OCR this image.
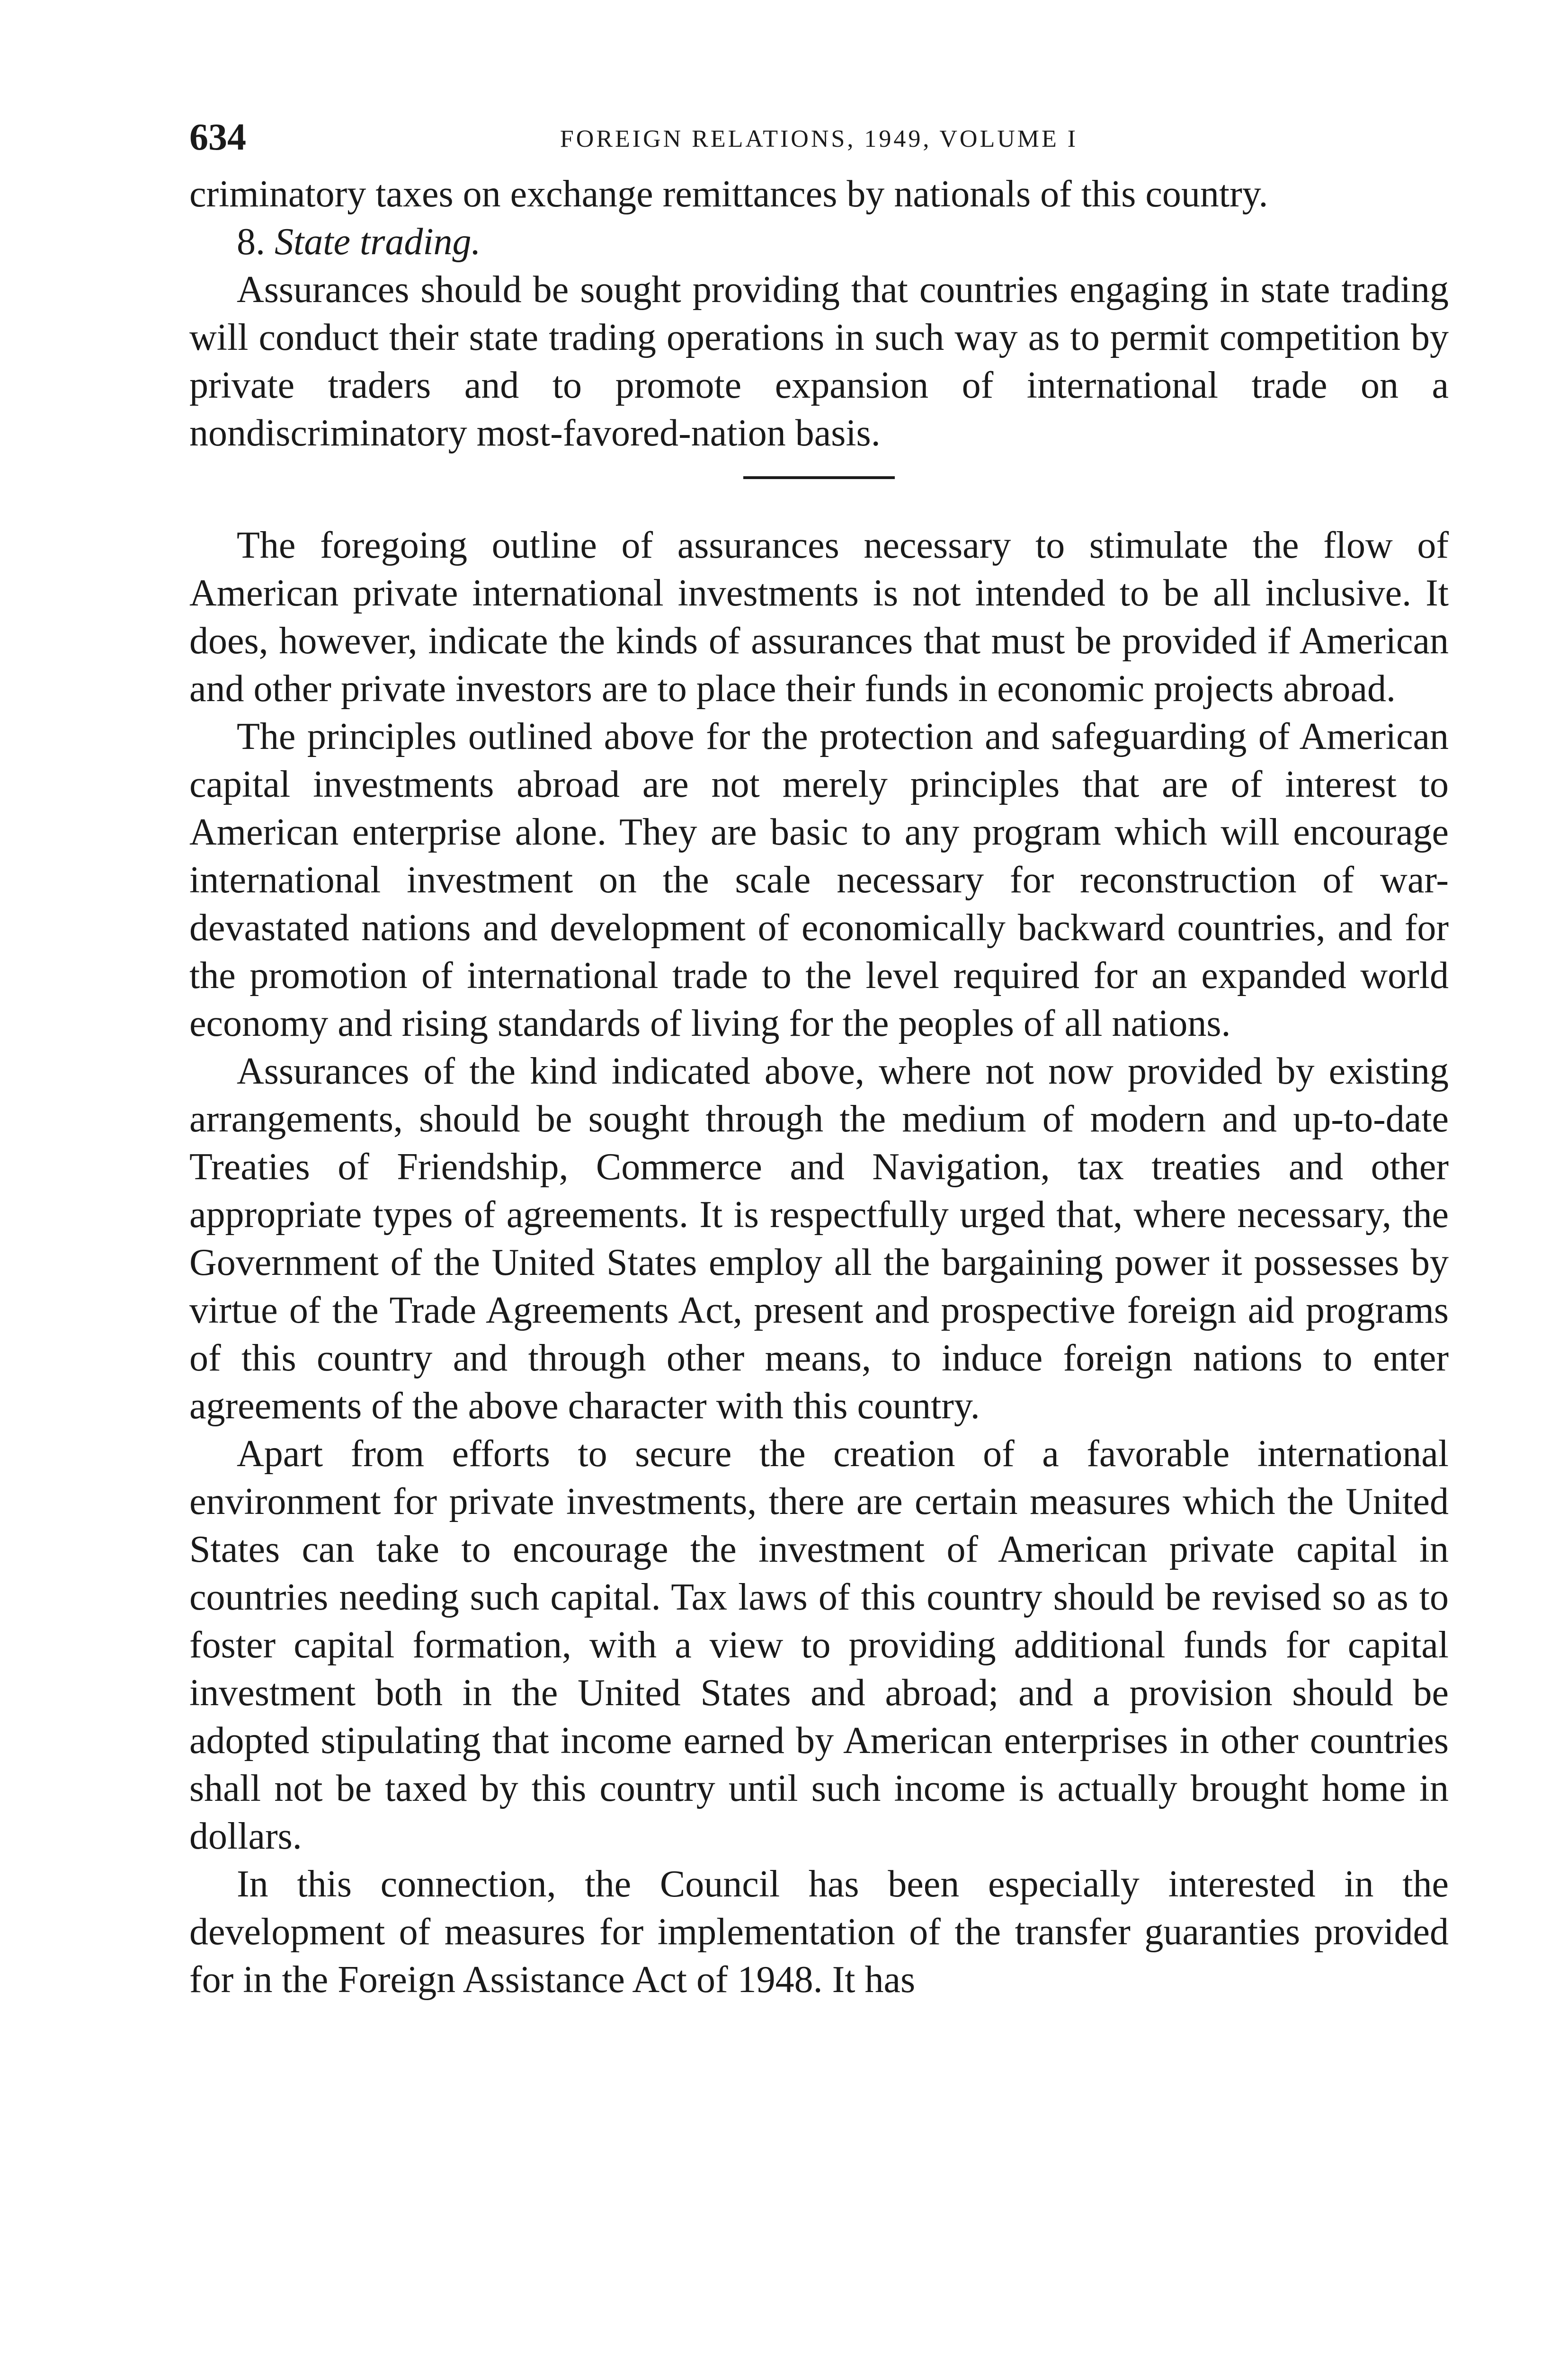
634	FOREIGN RELATIONS, 1949, VOLUME I

criminatory taxes on exchange remittances by nationals of this country.

8. State trading.

Assurances should be sought providing that countries engaging in state trading will conduct their state trading operations in such way as to permit competition by private traders and to promote expansion of international trade on a nondiscriminatory most-favored-nation basis.

The foregoing outline of assurances necessary to stimulate the flow of American private international investments is not intended to be all inclusive. It does, however, indicate the kinds of assurances that must be provided if American and other private investors are to place their funds in economic projects abroad.

The principles outlined above for the protection and safeguarding of American capital investments abroad are not merely principles that are of interest to American enterprise alone. They are basic to any program which will encourage international investment on the scale necessary for reconstruction of war-devastated nations and development of economically backward countries, and for the promotion of international trade to the level required for an expanded world economy and rising standards of living for the peoples of all nations.

Assurances of the kind indicated above, where not now provided by existing arrangements, should be sought through the medium of modern and up-to-date Treaties of Friendship, Commerce and Navigation, tax treaties and other appropriate types of agreements. It is respectfully urged that, where necessary, the Government of the United States employ all the bargaining power it possesses by virtue of the Trade Agreements Act, present and prospective foreign aid programs of this country and through other means, to induce foreign nations to enter agreements of the above character with this country.

Apart from efforts to secure the creation of a favorable international environment for private investments, there are certain measures which the United States can take to encourage the investment of American private capital in countries needing such capital. Tax laws of this country should be revised so as to foster capital formation, with a view to providing additional funds for capital investment both in the United States and abroad; and a provision should be adopted stipulating that income earned by American enterprises in other countries shall not be taxed by this country until such income is actually brought home in dollars.

In this connection, the Council has been especially interested in the development of measures for implementation of the transfer guaranties provided for in the Foreign Assistance Act of 1948. It has
